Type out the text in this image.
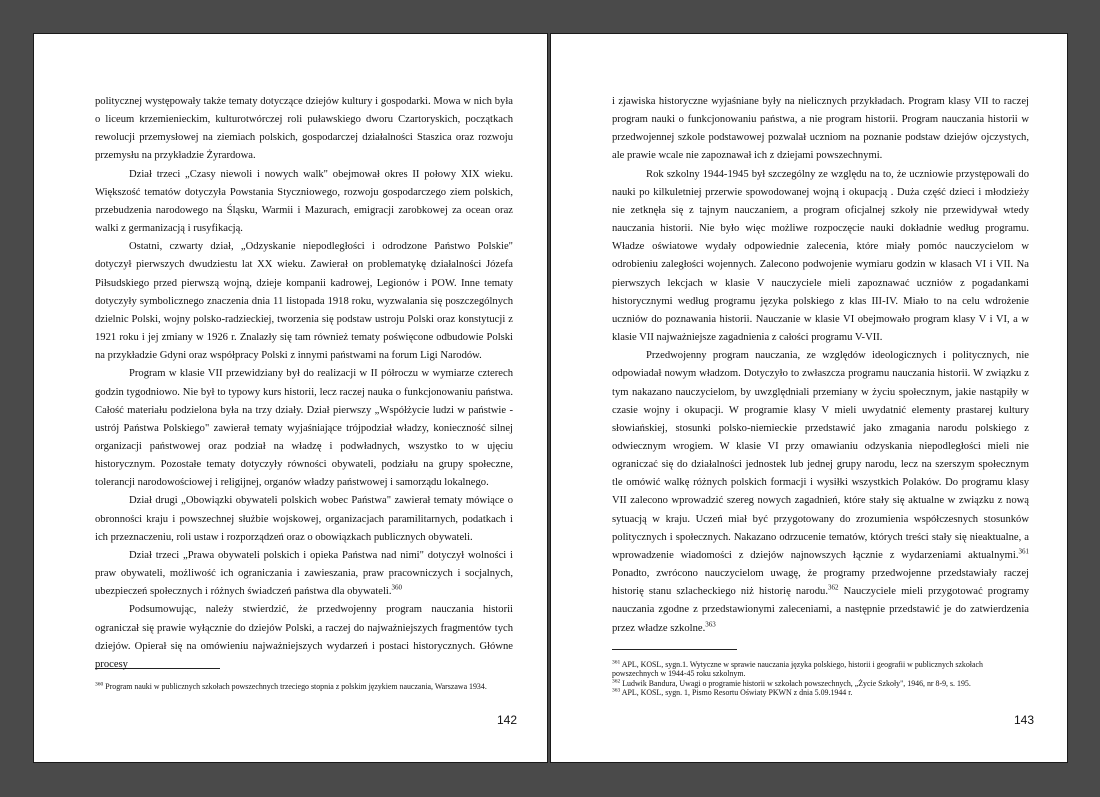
politycznej występowały także tematy dotyczące dziejów kultury i gospodarki. Mowa w nich była o liceum krzemienieckim, kulturotwórczej roli puławskiego dworu Czartoryskich, początkach rewolucji przemysłowej na ziemiach polskich, gospodarczej działalności Staszica oraz rozwoju przemysłu na przykładzie Żyrardowa.

Dział trzeci „Czasy niewoli i nowych walk" obejmował okres II połowy XIX wieku. Większość tematów dotyczyła Powstania Styczniowego, rozwoju gospodarczego ziem polskich, przebudzenia narodowego na Śląsku, Warmii i Mazurach, emigracji zarobkowej za ocean oraz walki z germanizacją i rusyfikacją.

Ostatni, czwarty dział, „Odzyskanie niepodległości i odrodzone Państwo Polskie" dotyczył pierwszych dwudziestu lat XX wieku. Zawierał on problematykę działalności Józefa Piłsudskiego przed pierwszą wojną, dzieje kompanii kadrowej, Legionów i POW. Inne tematy dotyczyły symbolicznego znaczenia dnia 11 listopada 1918 roku, wyzwalania się poszczególnych dzielnic Polski, wojny polsko-radzieckiej, tworzenia się podstaw ustroju Polski oraz konstytucji z 1921 roku i jej zmiany w 1926 r. Znalazły się tam również tematy poświęcone odbudowie Polski na przykładzie Gdyni oraz współpracy Polski z innymi państwami na forum Ligi Narodów.

Program w klasie VII przewidziany był do realizacji w II półroczu w wymiarze czterech godzin tygodniowo. Nie był to typowy kurs historii, lecz raczej nauka o funkcjonowaniu państwa. Całość materiału podzielona była na trzy działy. Dział pierwszy „Współżycie ludzi w państwie - ustrój Państwa Polskiego" zawierał tematy wyjaśniające trójpodział władzy, konieczność silnej organizacji państwowej oraz podział na władzę i podwładnych, wszystko to w ujęciu historycznym. Pozostałe tematy dotyczyły równości obywateli, podziału na grupy społeczne, tolerancji narodowościowej i religijnej, organów władzy państwowej i samorządu lokalnego.

Dział drugi „Obowiązki obywateli polskich wobec Państwa" zawierał tematy mówiące o obronności kraju i powszechnej służbie wojskowej, organizacjach paramilitarnych, podatkach i ich przeznaczeniu, roli ustaw i rozporządzeń oraz o obowiązkach publicznych obywateli.

Dział trzeci „Prawa obywateli polskich i opieka Państwa nad nimi" dotyczył wolności i praw obywateli, możliwość ich ograniczania i zawieszania, praw pracowniczych i socjalnych, ubezpieczeń społecznych i różnych świadczeń państwa dla obywateli.$^{360}$

Podsumowując, należy stwierdzić, że przedwojenny program nauczania historii ograniczał się prawie wyłącznie do dziejów Polski, a raczej do najważniejszych fragmentów tych dziejów. Opierał się na omówieniu najważniejszych wydarzeń i postaci historycznych. Główne procesy

$^{360}$ Program nauki w publicznych szkołach powszechnych trzeciego stopnia z polskim językiem nauczania, Warszawa 1934.

142

i zjawiska historyczne wyjaśniane były na nielicznych przykładach. Program klasy VII to raczej program nauki o funkcjonowaniu państwa, a nie program historii. Program nauczania historii w przedwojennej szkole podstawowej pozwalał uczniom na poznanie podstaw dziejów ojczystych, ale prawie wcale nie zapoznawał ich z dziejami powszechnymi.

Rok szkolny 1944-1945 był szczególny ze względu na to, że uczniowie przystępowali do nauki po kilkuletniej przerwie spowodowanej wojną i okupacją . Duża część dzieci i młodzieży nie zetknęła się z tajnym nauczaniem, a program oficjalnej szkoły nie przewidywał wtedy nauczania historii. Nie było więc możliwe rozpoczęcie nauki dokładnie według programu. Władze oświatowe wydały odpowiednie zalecenia, które miały pomóc nauczycielom w odrobieniu zaległości wojennych. Zalecono podwojenie wymiaru godzin w klasach VI i VII. Na pierwszych lekcjach w klasie V nauczyciele mieli zapoznawać uczniów z pogadankami historycznymi według programu języka polskiego z klas III-IV. Miało to na celu wdrożenie uczniów do poznawania historii. Nauczanie w klasie VI obejmowało program klasy V i VI, a w klasie VII najważniejsze zagadnienia z całości programu V-VII.

Przedwojenny program nauczania, ze względów ideologicznych i politycznych, nie odpowiadał nowym władzom. Dotyczyło to zwłaszcza programu nauczania historii. W związku z tym nakazano nauczycielom, by uwzględniali przemiany w życiu społecznym, jakie nastąpiły w czasie wojny i okupacji. W programie klasy V mieli uwydatnić elementy prastarej kultury słowiańskiej, stosunki polsko-niemieckie przedstawić jako zmagania narodu polskiego z odwiecznym wrogiem. W klasie VI przy omawianiu odzyskania niepodległości mieli nie ograniczać się do działalności jednostek lub jednej grupy narodu, lecz na szerszym społecznym tle omówić walkę różnych polskich formacji i wysiłki wszystkich Polaków. Do programu klasy VII zalecono wprowadzić szereg nowych zagadnień, które stały się aktualne w związku z nową sytuacją w kraju. Uczeń miał być przygotowany do zrozumienia współczesnych stosunków politycznych i społecznych. Nakazano odrzucenie tematów, których treści stały się nieaktualne, a wprowadzenie wiadomości z dziejów najnowszych łącznie z wydarzeniami aktualnymi.$^{361}$ Ponadto, zwrócono nauczycielom uwagę, że programy przedwojenne przedstawiały raczej historię stanu szlacheckiego niż historię narodu.$^{362}$ Nauczyciele mieli przygotować programy nauczania zgodne z przedstawionymi zaleceniami, a następnie przedstawić je do zatwierdzenia przez władze szkolne.$^{363}$

$^{361}$ APL, KOSL, sygn.1. Wytyczne w sprawie nauczania języka polskiego, historii i geografii w publicznych szkołach powszechnych w 1944-45 roku szkolnym.

$^{362}$ Ludwik Bandura, Uwagi o programie historii w szkołach powszechnych, „Życie Szkoły", 1946, nr 8-9, s. 195.

$^{363}$ APL, KOSL, sygn. 1, Pismo Resortu Oświaty PKWN z dnia 5.09.1944 r.

143
